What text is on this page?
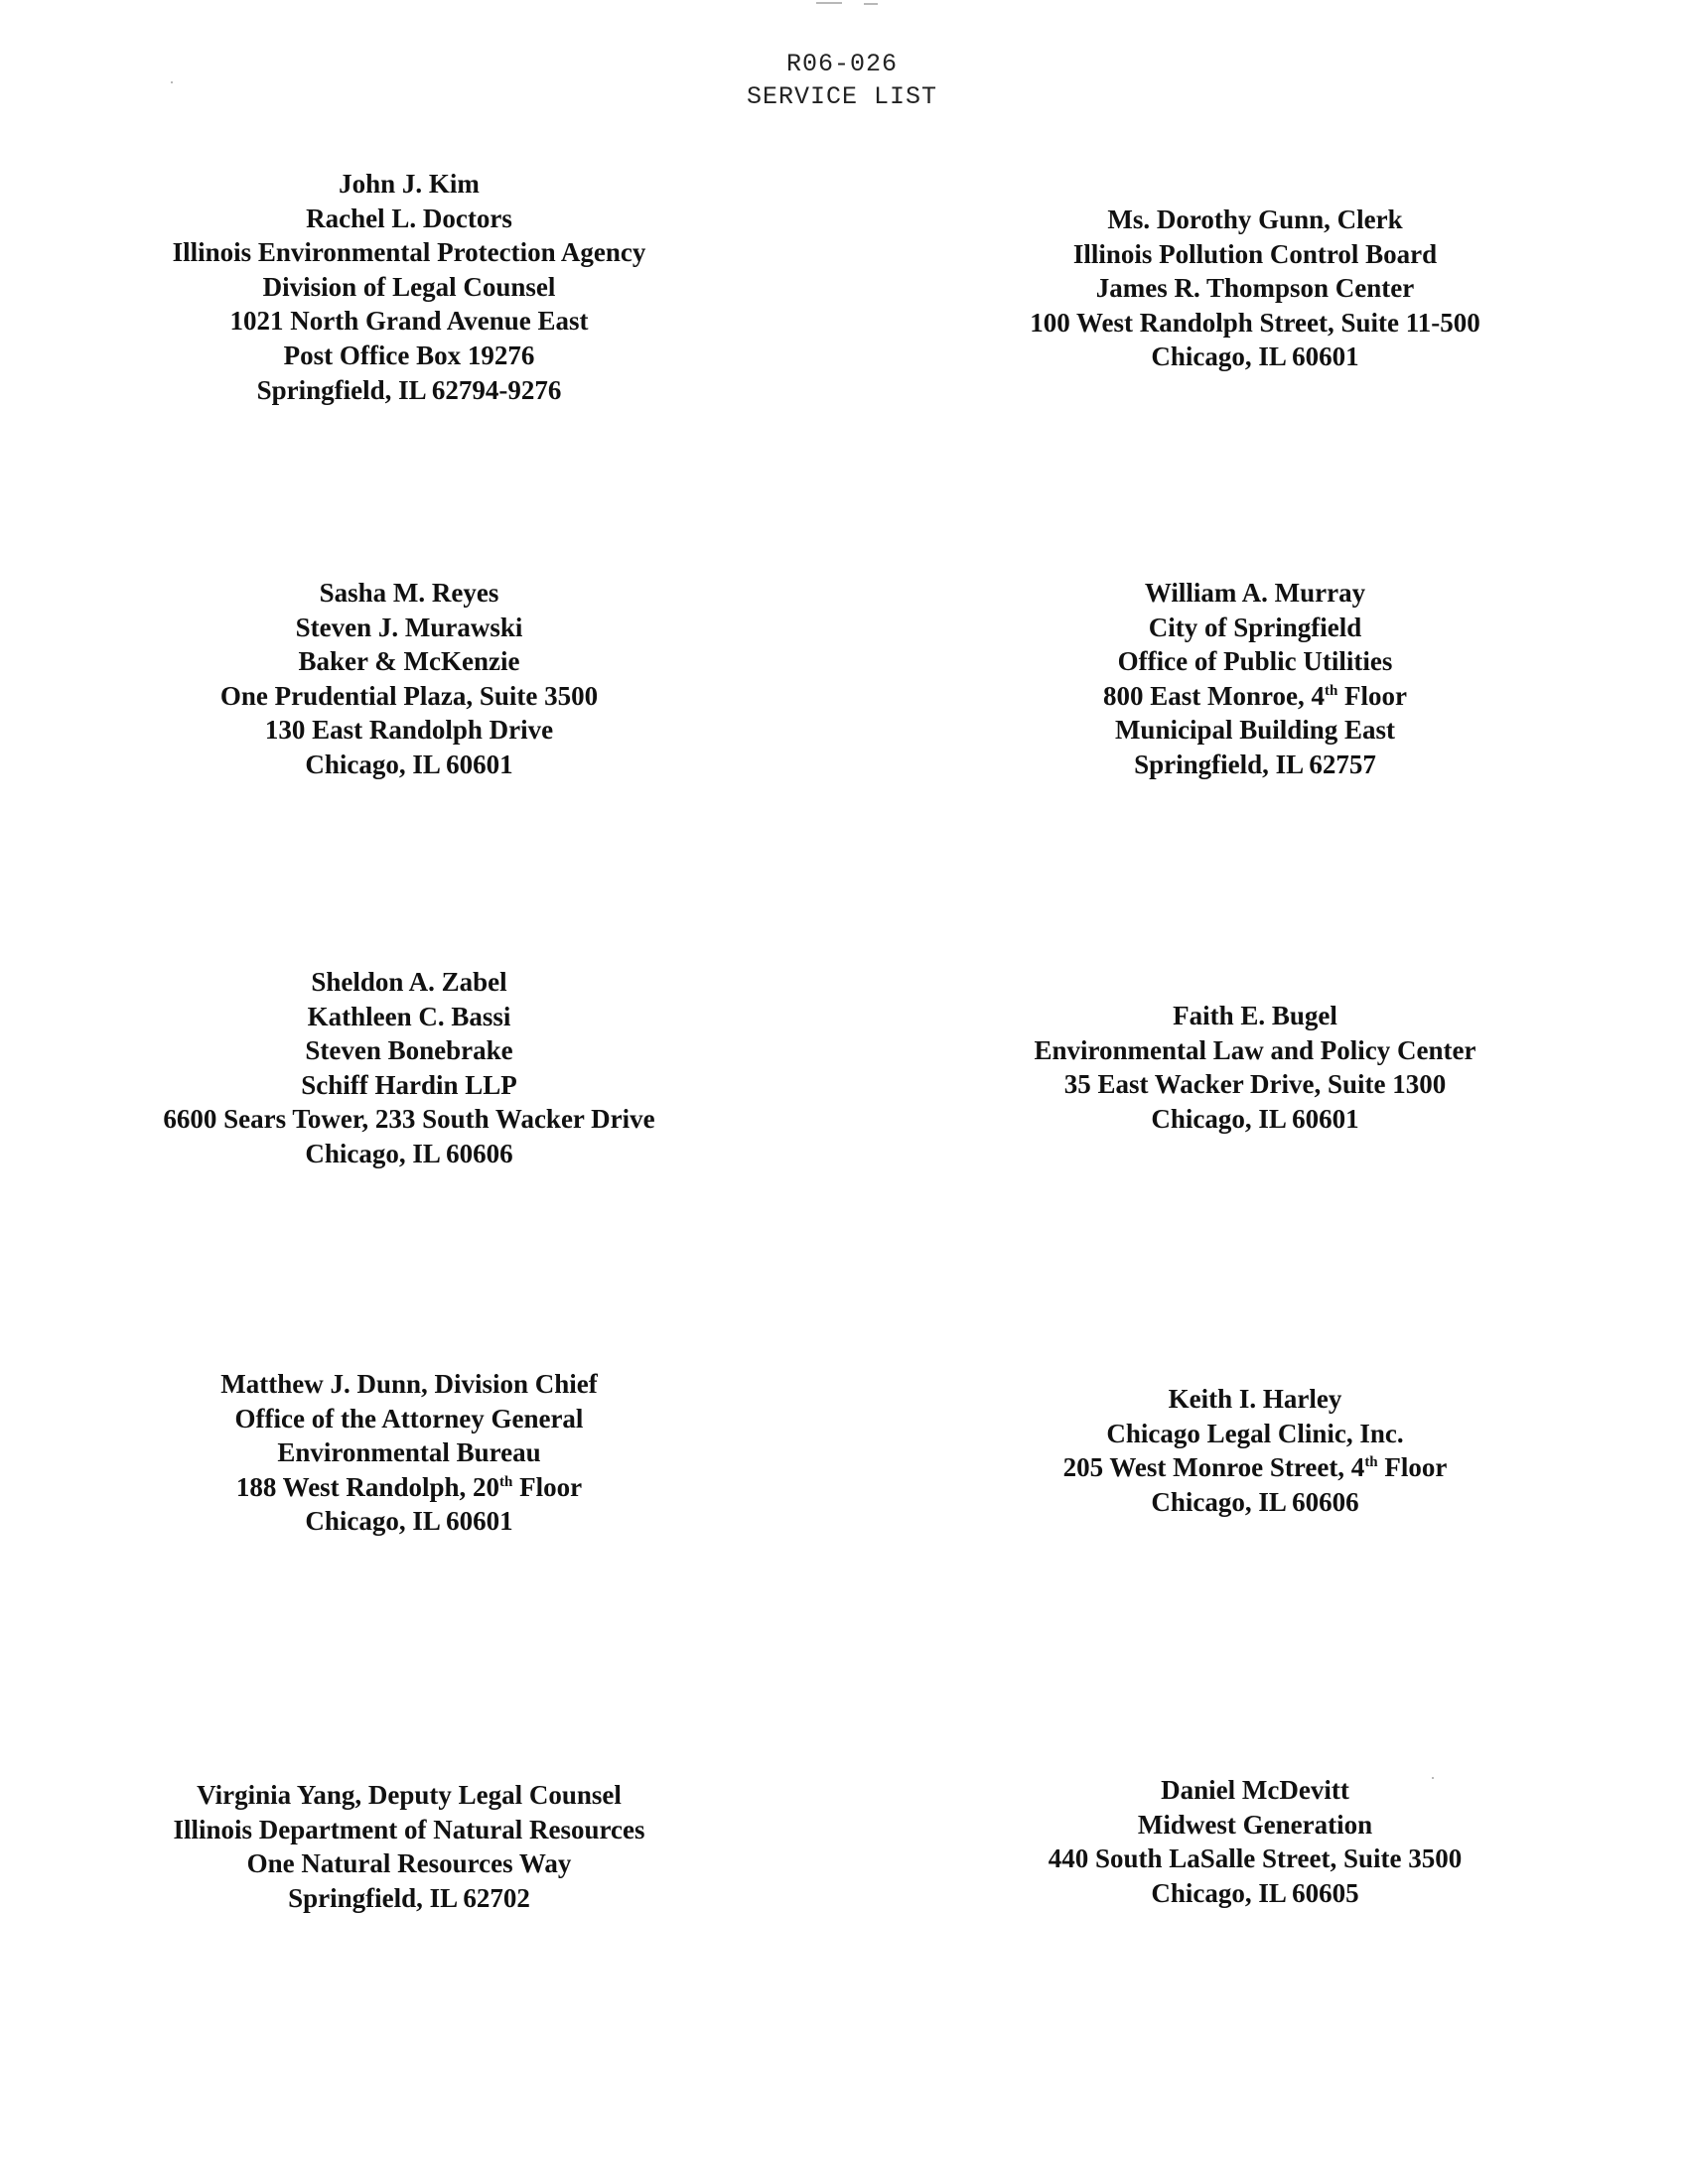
R06-026
SERVICE LIST
John J. Kim
Rachel L. Doctors
Illinois Environmental Protection Agency
Division of Legal Counsel
1021 North Grand Avenue East
Post Office Box 19276
Springfield, IL 62794-9276
Ms. Dorothy Gunn, Clerk
Illinois Pollution Control Board
James R. Thompson Center
100 West Randolph Street, Suite 11-500
Chicago, IL 60601
Sasha M. Reyes
Steven J. Murawski
Baker & McKenzie
One Prudential Plaza, Suite 3500
130 East Randolph Drive
Chicago, IL 60601
William A. Murray
City of Springfield
Office of Public Utilities
800 East Monroe, 4th Floor
Municipal Building East
Springfield, IL 62757
Sheldon A. Zabel
Kathleen C. Bassi
Steven Bonebrake
Schiff Hardin LLP
6600 Sears Tower, 233 South Wacker Drive
Chicago, IL 60606
Faith E. Bugel
Environmental Law and Policy Center
35 East Wacker Drive, Suite 1300
Chicago, IL 60601
Matthew J. Dunn, Division Chief
Office of the Attorney General
Environmental Bureau
188 West Randolph, 20th Floor
Chicago, IL 60601
Keith I. Harley
Chicago Legal Clinic, Inc.
205 West Monroe Street, 4th Floor
Chicago, IL 60606
Virginia Yang, Deputy Legal Counsel
Illinois Department of Natural Resources
One Natural Resources Way
Springfield, IL 62702
Daniel McDevitt
Midwest Generation
440 South LaSalle Street, Suite 3500
Chicago, IL 60605
